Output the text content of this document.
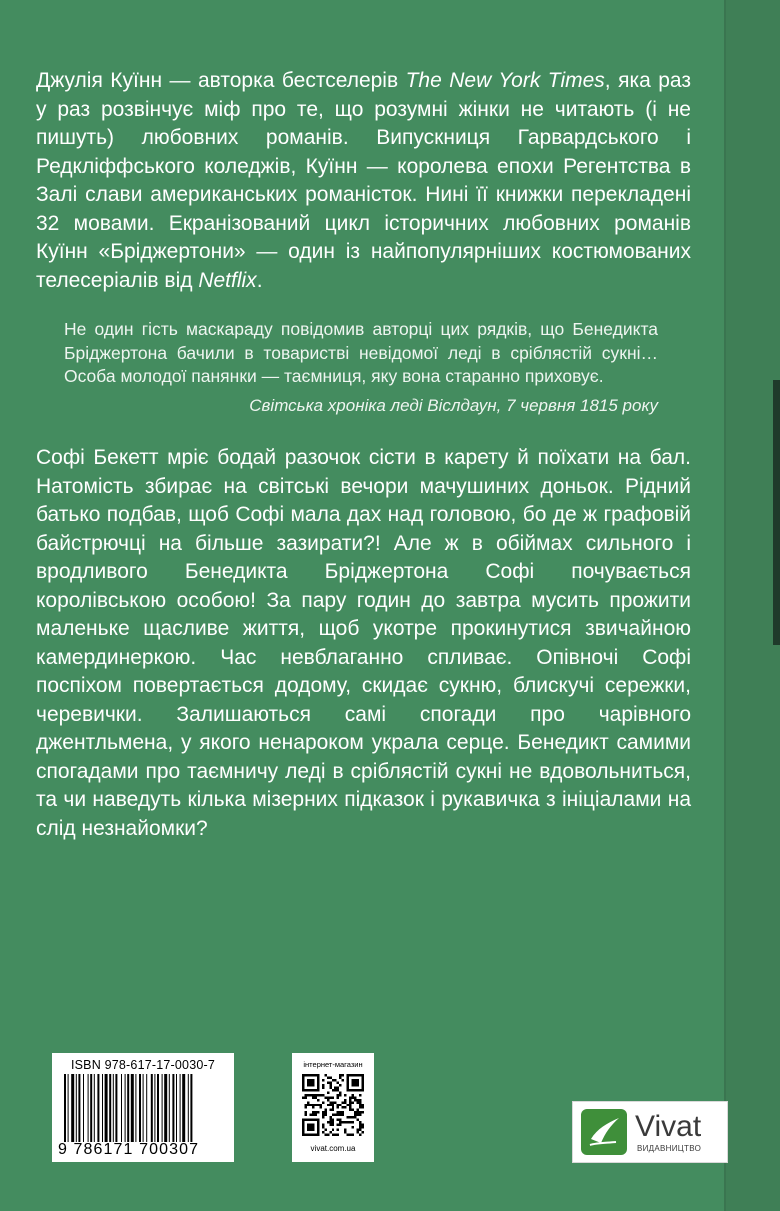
Джулія Куїнн — авторка бестселерів The New York Times, яка раз у раз розвінчує міф про те, що розумні жінки не читають (і не пишуть) любовних романів. Випускниця Гарвардського і Редкліффського коледжів, Куїнн — королева епохи Регентства в Залі слави американських романісток. Нині її книжки перекладені 32 мовами. Екранізований цикл історичних любовних романів Куїнн «Бріджертони» — один із найпопулярніших костюмованих телесеріалів від Netflix.

Не один гість маскараду повідомив авторці цих рядків, що Бенедикта Бріджертона бачили в товаристві невідомої леді в сріблястій сукні… Особа молодої панянки — таємниця, яку вона старанно приховує.

Світська хроніка леді Віслдаун, 7 червня 1815 року

Софі Бекетт мріє бодай разочок сісти в карету й поїхати на бал. Натомість збирає на світські вечори мачушиних доньок. Рідний батько подбав, щоб Софі мала дах над головою, бо де ж графовій байстрючці на більше зазирати?! Але ж в обіймах сильного і вродливого Бенедикта Бріджертона Софі почувається королівською особою! За пару годин до завтра мусить прожити маленьке щасливе життя, щоб укотре прокинутися звичайною камердинеркою. Час невблаганно спливає. Опівночі Софі поспіхом повертається додому, скидає сукню, блискучі сережки, черевички. Залишаються самі спогади про чарівного джентльмена, у якого ненароком украла серце. Бенедикт самими спогадами про таємничу леді в сріблястій сукні не вдовольниться, та чи наведуть кілька мізерних підказок і рукавичка з ініціалами на слід незнайомки?

ISBN 978-617-17-0030-7
9 786171 700307
інтернет-магазин
vivat.com.ua
Vivat
ВИДАВНИЦТВО
